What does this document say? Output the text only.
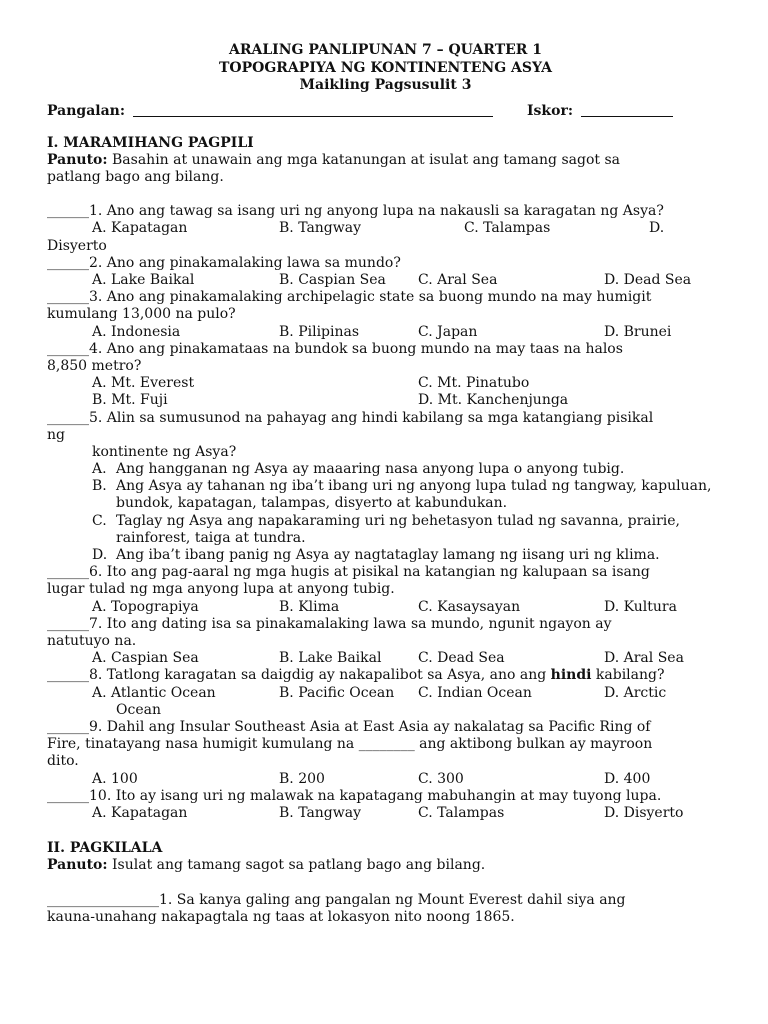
ARALING PANLIPUNAN 7 – QUARTER 1
TOPOGRAPIYA NG KONTINENTENG ASYA
Maikling Pagsusulit 3
Pangalan:	Iskor:
I. MARAMIHANG PAGPILI
Panuto: Basahin at unawain ang mga katanungan at isulat ang tamang sagot sa
patlang bago ang bilang.
______1. Ano ang tawag sa isang uri ng anyong lupa na nakausli sa karagatan ng Asya?
A. Kapatagan	B. Tangway	C. Talampas	D.
Disyerto
______2. Ano ang pinakamalaking lawa sa mundo?
A. Lake Baikal	B. Caspian Sea C. Aral Sea	D. Dead Sea
______3. Ano ang pinakamalaking archipelagic state sa buong mundo na may humigit
kumulang 13,000 na pulo?
A. Indonesia	B. Pilipinas	C. Japan	D. Brunei
______4. Ano ang pinakamataas na bundok sa buong mundo na may taas na halos
8,850 metro?
A. Mt. Everest	C. Mt. Pinatubo
B. Mt. Fuji	D. Mt. Kanchenjunga
______5. Alin sa sumusunod na pahayag ang hindi kabilang sa mga katangiang pisikal
ng
kontinente ng Asya?
A. Ang hangganan ng Asya ay maaaring nasa anyong lupa o anyong tubig.
B. Ang Asya ay tahanan ng iba’t ibang uri ng anyong lupa tulad ng tangway, kapuluan, bundok, kapatagan, talampas, disyerto at kabundukan.
C. Taglay ng Asya ang napakaraming uri ng behetasyon tulad ng savanna, prairie, rainforest, taiga at tundra.
D. Ang iba’t ibang panig ng Asya ay nagtataglay lamang ng iisang uri ng klima.
______6. Ito ang pag-aaral ng mga hugis at pisikal na katangian ng kalupaan sa isang
lugar tulad ng mga anyong lupa at anyong tubig.
A. Topograpiya	B. Klima	C. Kasaysayan	D. Kultura
______7. Ito ang dating isa sa pinakamalaking lawa sa mundo, ngunit ngayon ay
natutuyo na.
A. Caspian Sea	B. Lake Baikal	C. Dead Sea	D. Aral Sea
______8. Tatlong karagatan sa daigdig ay nakapalibot sa Asya, ano ang hindi kabilang?
A. Atlantic Ocean	B. Pacific Ocean C. Indian Ocean	D. Arctic
Ocean
______9. Dahil ang Insular Southeast Asia at East Asia ay nakalatag sa Pacific Ring of
Fire, tinatayang nasa humigit kumulang na ________ ang aktibong bulkan ay mayroon
dito.
A. 100	B. 200	C. 300	D. 400
______10. Ito ay isang uri ng malawak na kapatagang mabuhangin at may tuyong lupa.
A. Kapatagan	B. Tangway	C. Talampas	D. Disyerto
II. PAGKILALA
Panuto: Isulat ang tamang sagot sa patlang bago ang bilang.
________________1. Sa kanya galing ang pangalan ng Mount Everest dahil siya ang
kauna-unahang nakapagtala ng taas at lokasyon nito noong 1865.
